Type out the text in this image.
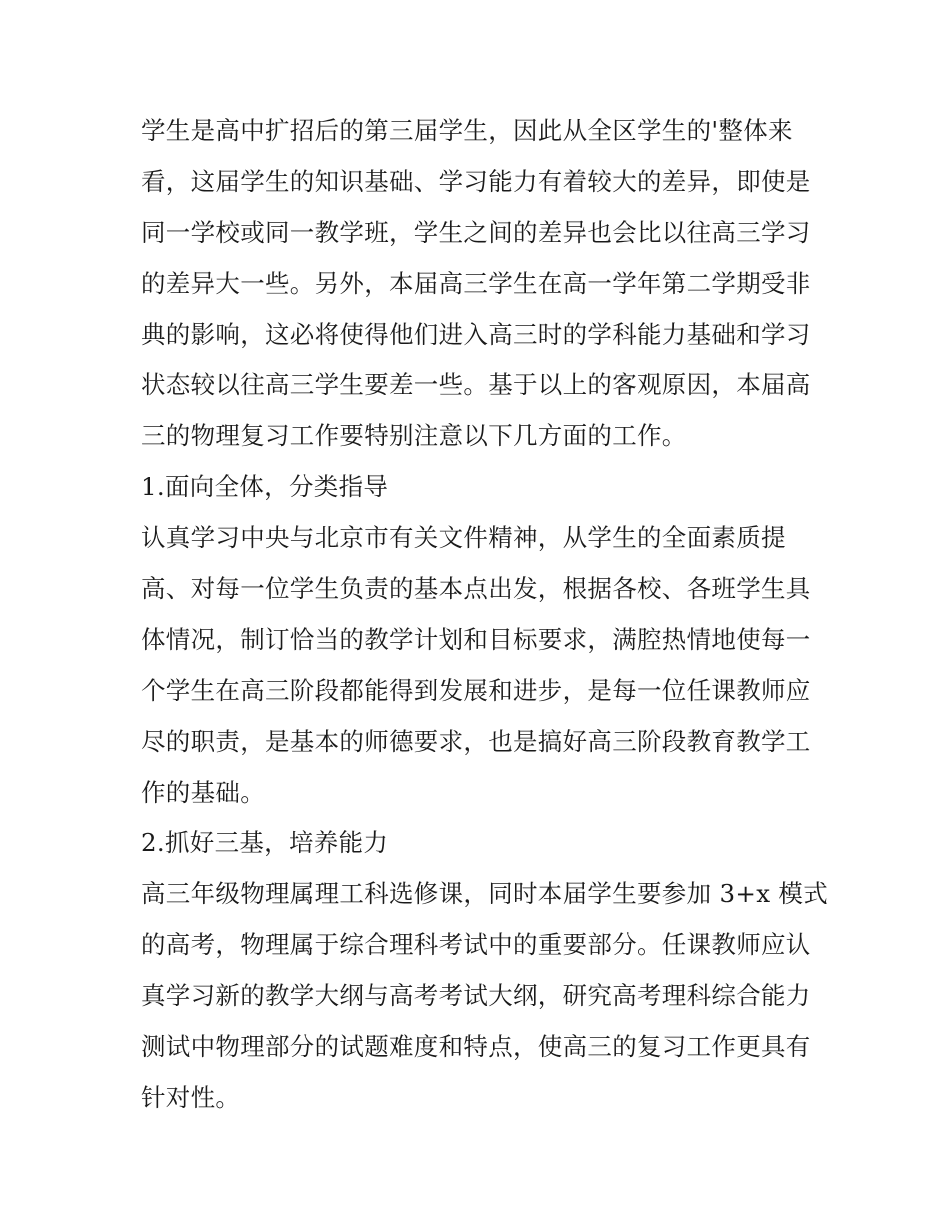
学生是高中扩招后的第三届学生，因此从全区学生的'整体来
看，这届学生的知识基础、学习能力有着较大的差异，即使是
同一学校或同一教学班，学生之间的差异也会比以往高三学习
的差异大一些。另外，本届高三学生在高一学年第二学期受非
典的影响，这必将使得他们进入高三时的学科能力基础和学习
状态较以往高三学生要差一些。基于以上的客观原因，本届高
三的物理复习工作要特别注意以下几方面的工作。
1.面向全体，分类指导
认真学习中央与北京市有关文件精神，从学生的全面素质提
高、对每一位学生负责的基本点出发，根据各校、各班学生具
体情况，制订恰当的教学计划和目标要求，满腔热情地使每一
个学生在高三阶段都能得到发展和进步，是每一位任课教师应
尽的职责，是基本的师德要求，也是搞好高三阶段教育教学工
作的基础。
2.抓好三基，培养能力
高三年级物理属理工科选修课，同时本届学生要参加 3+x 模式
的高考，物理属于综合理科考试中的重要部分。任课教师应认
真学习新的教学大纲与高考考试大纲，研究高考理科综合能力
测试中物理部分的试题难度和特点，使高三的复习工作更具有
针对性。
